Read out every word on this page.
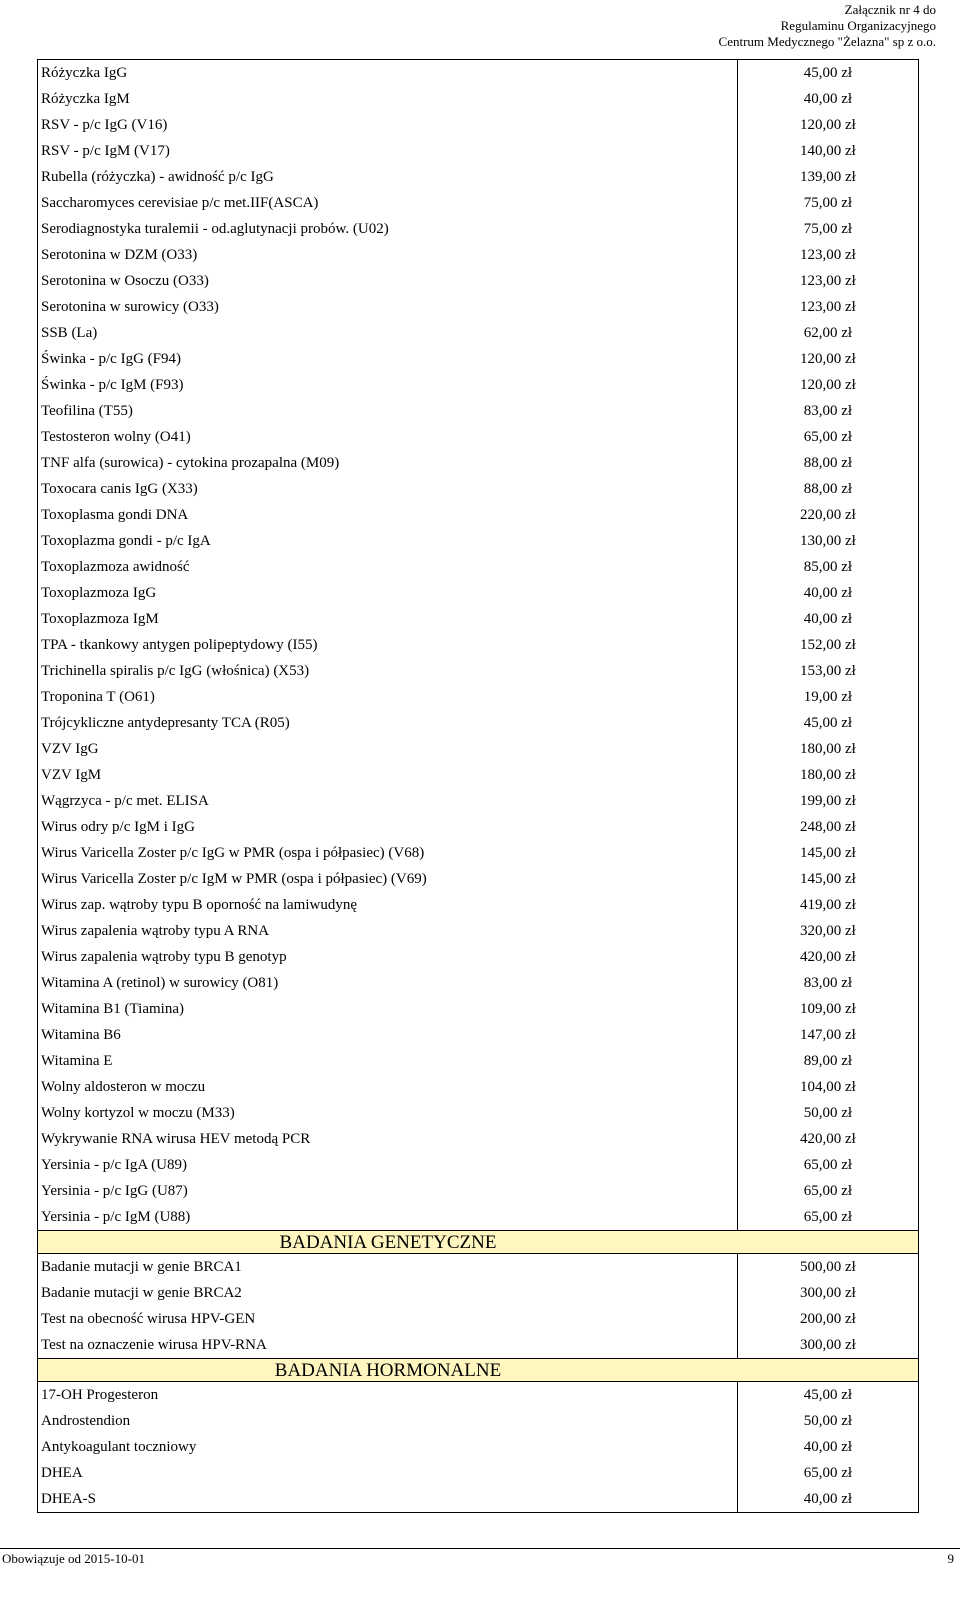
Załącznik nr 4 do
Regulaminu Organizacyjnego
Centrum Medycznego "Żelazna" sp z o.o.
Różyczka IgG	45,00 zł
Różyczka IgM	40,00 zł
RSV - p/c IgG (V16)	120,00 zł
RSV - p/c IgM (V17)	140,00 zł
Rubella (różyczka) - awidność p/c IgG	139,00 zł
Saccharomyces cerevisiae p/c met.IIF(ASCA)	75,00 zł
Serodiagnostyka turalemii - od.aglutynacji probów. (U02)	75,00 zł
Serotonina w DZM (O33)	123,00 zł
Serotonina w Osoczu (O33)	123,00 zł
Serotonina w surowicy (O33)	123,00 zł
SSB (La)	62,00 zł
Świnka - p/c IgG (F94)	120,00 zł
Świnka - p/c IgM (F93)	120,00 zł
Teofilina (T55)	83,00 zł
Testosteron wolny (O41)	65,00 zł
TNF alfa (surowica) - cytokina prozapalna (M09)	88,00 zł
Toxocara canis IgG (X33)	88,00 zł
Toxoplasma gondi DNA	220,00 zł
Toxoplazma gondi - p/c IgA	130,00 zł
Toxoplazmoza awidność	85,00 zł
Toxoplazmoza IgG	40,00 zł
Toxoplazmoza IgM	40,00 zł
TPA - tkankowy antygen polipeptydowy (I55)	152,00 zł
Trichinella spiralis p/c IgG (włośnica) (X53)	153,00 zł
Troponina T (O61)	19,00 zł
Trójcykliczne antydepresanty TCA (R05)	45,00 zł
VZV IgG	180,00 zł
VZV IgM	180,00 zł
Wągrzyca - p/c met. ELISA	199,00 zł
Wirus odry p/c IgM i IgG	248,00 zł
Wirus Varicella Zoster p/c IgG w PMR (ospa i półpasiec) (V68)	145,00 zł
Wirus Varicella Zoster p/c IgM w PMR (ospa i półpasiec) (V69)	145,00 zł
Wirus zap. wątroby typu B oporność na lamiwudynę	419,00 zł
Wirus zapalenia wątroby typu A RNA	320,00 zł
Wirus zapalenia wątroby typu B genotyp	420,00 zł
Witamina A (retinol) w surowicy (O81)	83,00 zł
Witamina B1 (Tiamina)	109,00 zł
Witamina B6	147,00 zł
Witamina E	89,00 zł
Wolny aldosteron w moczu	104,00 zł
Wolny kortyzol w moczu (M33)	50,00 zł
Wykrywanie RNA wirusa HEV metodą PCR	420,00 zł
Yersinia - p/c IgA (U89)	65,00 zł
Yersinia - p/c IgG (U87)	65,00 zł
Yersinia - p/c IgM (U88)	65,00 zł
BADANIA GENETYCZNE	
Badanie mutacji w genie BRCA1	500,00 zł
Badanie mutacji w genie BRCA2	300,00 zł
Test na obecność wirusa HPV-GEN	200,00 zł
Test na oznaczenie wirusa HPV-RNA	300,00 zł
BADANIA HORMONALNE	
17-OH Progesteron	45,00 zł
Androstendion	50,00 zł
Antykoagulant toczniowy	40,00 zł
DHEA	65,00 zł
DHEA-S	40,00 zł
Obowiązuje od 2015-10-01	9
